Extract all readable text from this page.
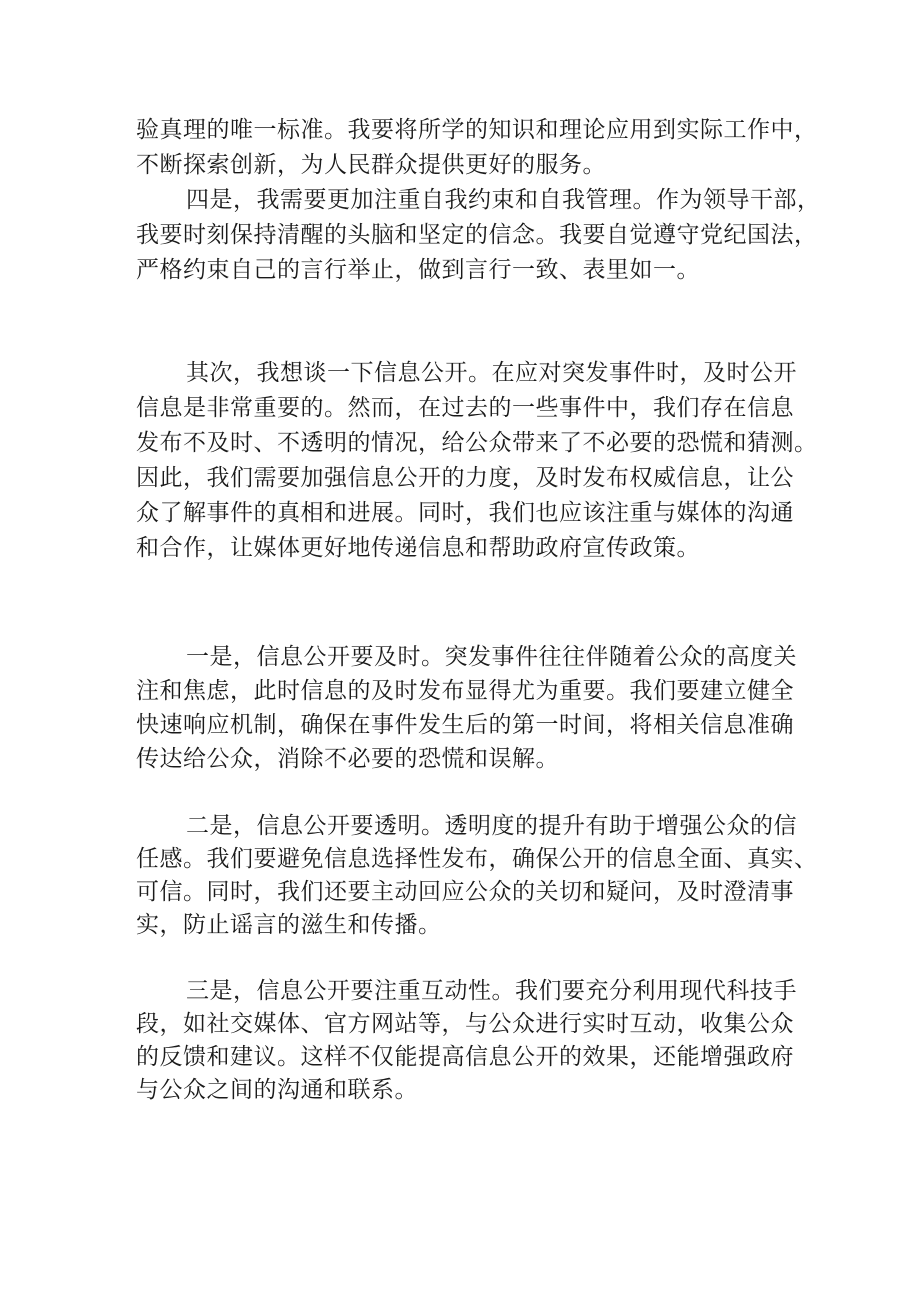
验真理的唯一标准。我要将所学的知识和理论应用到实际工作中，
不断探索创新，为人民群众提供更好的服务。
四是，我需要更加注重自我约束和自我管理。作为领导干部，
我要时刻保持清醒的头脑和坚定的信念。我要自觉遵守党纪国法，
严格约束自己的言行举止，做到言行一致、表里如一。
其次，我想谈一下信息公开。在应对突发事件时，及时公开
信息是非常重要的。然而，在过去的一些事件中，我们存在信息
发布不及时、不透明的情况，给公众带来了不必要的恐慌和猜测。
因此，我们需要加强信息公开的力度，及时发布权威信息，让公
众了解事件的真相和进展。同时，我们也应该注重与媒体的沟通
和合作，让媒体更好地传递信息和帮助政府宣传政策。
一是，信息公开要及时。突发事件往往伴随着公众的高度关
注和焦虑，此时信息的及时发布显得尤为重要。我们要建立健全
快速响应机制，确保在事件发生后的第一时间，将相关信息准确
传达给公众，消除不必要的恐慌和误解。
二是，信息公开要透明。透明度的提升有助于增强公众的信
任感。我们要避免信息选择性发布，确保公开的信息全面、真实、
可信。同时，我们还要主动回应公众的关切和疑问，及时澄清事
实，防止谣言的滋生和传播。
三是，信息公开要注重互动性。我们要充分利用现代科技手
段，如社交媒体、官方网站等，与公众进行实时互动，收集公众
的反馈和建议。这样不仅能提高信息公开的效果，还能增强政府
与公众之间的沟通和联系。
